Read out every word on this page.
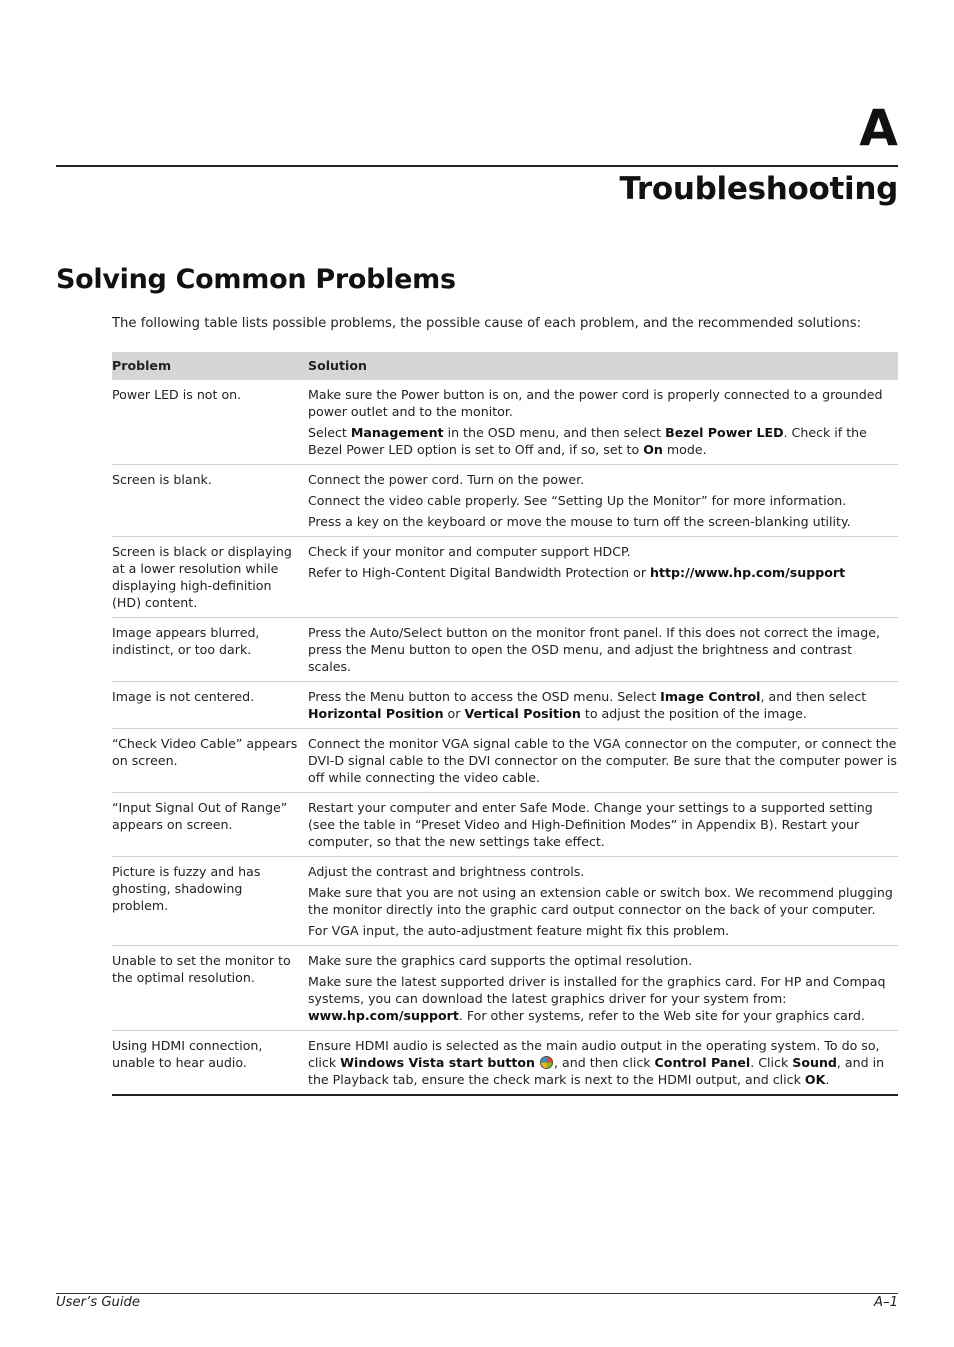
A
Troubleshooting
Solving Common Problems

The following table lists possible problems, the possible cause of each problem, and the recommended solutions:

Problem	Solution
Power LED is not on.	Make sure the Power button is on, and the power cord is properly connected to a grounded power outlet and to the monitor.

Select Management in the OSD menu, and then select Bezel Power LED. Check if the Bezel Power LED option is set to Off and, if so, set to On mode.

Screen is blank.	Connect the power cord. Turn on the power.

Connect the video cable properly. See “Setting Up the Monitor” for more information.

Press a key on the keyboard or move the mouse to turn off the screen-blanking utility.

Screen is black or displaying at a lower resolution while displaying high-definition (HD) content.	Check if your monitor and computer support HDCP.

Refer to High-Content Digital Bandwidth Protection or http://www.hp.com/support

Image appears blurred, indistinct, or too dark.	Press the Auto/Select button on the monitor front panel. If this does not correct the image, press the Menu button to open the OSD menu, and adjust the brightness and contrast scales.

Image is not centered.	Press the Menu button to access the OSD menu. Select Image Control, and then select Horizontal Position or Vertical Position to adjust the position of the image.

“Check Video Cable” appears on screen.	Connect the monitor VGA signal cable to the VGA connector on the computer, or connect the DVI-D signal cable to the DVI connector on the computer. Be sure that the computer power is off while connecting the video cable.

“Input Signal Out of Range” appears on screen.	Restart your computer and enter Safe Mode. Change your settings to a supported setting (see the table in “Preset Video and High-Definition Modes” in Appendix B). Restart your computer, so that the new settings take effect.

Picture is fuzzy and has ghosting, shadowing problem.	Adjust the contrast and brightness controls.

Make sure that you are not using an extension cable or switch box. We recommend plugging the monitor directly into the graphic card output connector on the back of your computer.

For VGA input, the auto-adjustment feature might fix this problem.

Unable to set the monitor to the optimal resolution.	Make sure the graphics card supports the optimal resolution.

Make sure the latest supported driver is installed for the graphics card. For HP and Compaq systems, you can download the latest graphics driver for your system from: www.hp.com/support. For other systems, refer to the Web site for your graphics card.

Using HDMI connection, unable to hear audio.	Ensure HDMI audio is selected as the main audio output in the operating system. To do so, click Windows Vista start button , and then click Control Panel. Click Sound, and in the Playback tab, ensure the check mark is next to the HDMI output, and click OK.

User’s Guide	A–1
